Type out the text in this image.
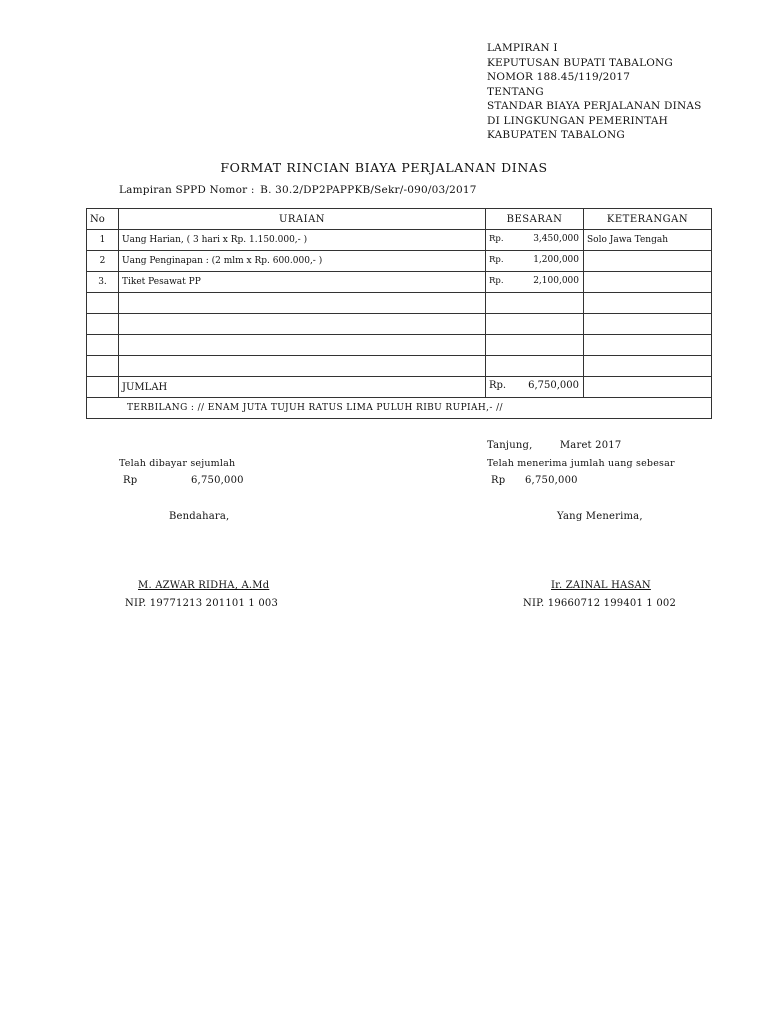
LAMPIRAN I
KEPUTUSAN BUPATI TABALONG
NOMOR 188.45/119/2017
TENTANG
STANDAR BIAYA PERJALANAN DINAS
DI LINGKUNGAN PEMERINTAH
KABUPATEN TABALONG
FORMAT RINCIAN BIAYA PERJALANAN DINAS
Lampiran SPPD Nomor : B. 30.2/DP2PAPPKB/Sekr/-090/03/2017
No	URAIAN	BESARAN	KETERANGAN
1	Uang Harian, ( 3 hari x Rp. 1.150.000,- )	Rp. 3,450,000	Solo Jawa Tengah
2	Uang Penginapan : (2 mlm x Rp. 600.000,- )	Rp. 1,200,000	

3.	Tiket Pesawat PP	Rp. 2,100,000	

	JUMLAH	Rp. 6,750,000	

TERBILANG : // ENAM JUTA TUJUH RATUS LIMA PULUH RIBU RUPIAH,- //			
Tanjung,	Maret 2017
Telah dibayar sejumlah
Rp	6,750,000
Bendahara,
M. AZWAR RIDHA, A.Md
NIP. 19771213 201101 1 003
Telah menerima jumlah uang sebesar
Rp 6,750,000
Yang Menerima,
Ir. ZAINAL HASAN
NIP. 19660712 199401 1 002
